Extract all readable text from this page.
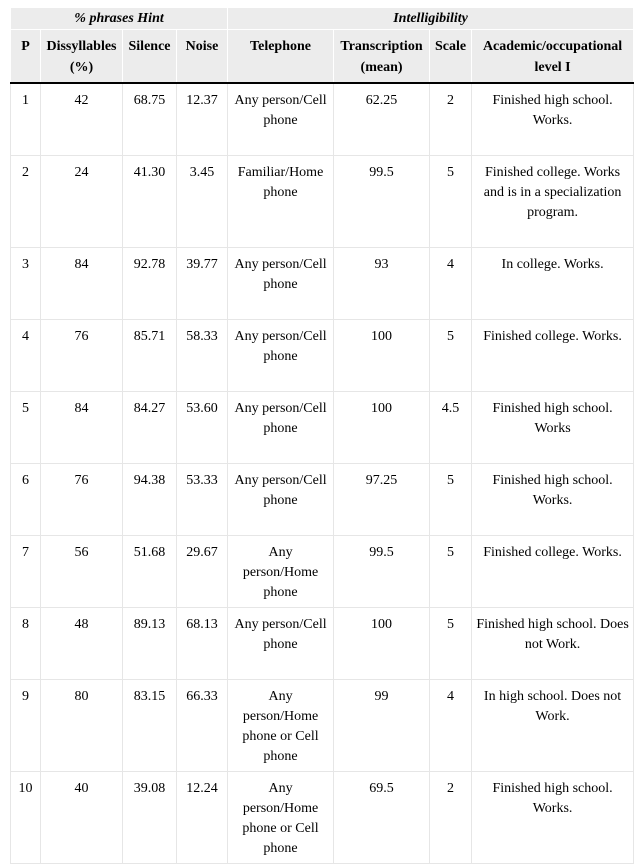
% phrases Hint				Intelligibility			
P	Dissyllables (%)	Silence	Noise	Telephone	Transcription (mean)	Scale	Academic/occupational level I
1	42	68.75	12.37	Any person/Cell phone	62.25	2	Finished high school. Works.
2	24	41.30	3.45	Familiar/Home phone	99.5	5	Finished college. Works and is in a specialization program.
3	84	92.78	39.77	Any person/Cell phone	93	4	In college. Works.
4	76	85.71	58.33	Any person/Cell phone	100	5	Finished college. Works.
5	84	84.27	53.60	Any person/Cell phone	100	4.5	Finished high school. Works
6	76	94.38	53.33	Any person/Cell phone	97.25	5	Finished high school. Works.
7	56	51.68	29.67	Any person/Home phone	99.5	5	Finished college. Works.
8	48	89.13	68.13	Any person/Cell phone	100	5	Finished high school. Does not Work.
9	80	83.15	66.33	Any person/Home phone or Cell phone	99	4	In high school. Does not Work.
10	40	39.08	12.24	Any person/Home phone or Cell phone	69.5	2	Finished high school. Works.
